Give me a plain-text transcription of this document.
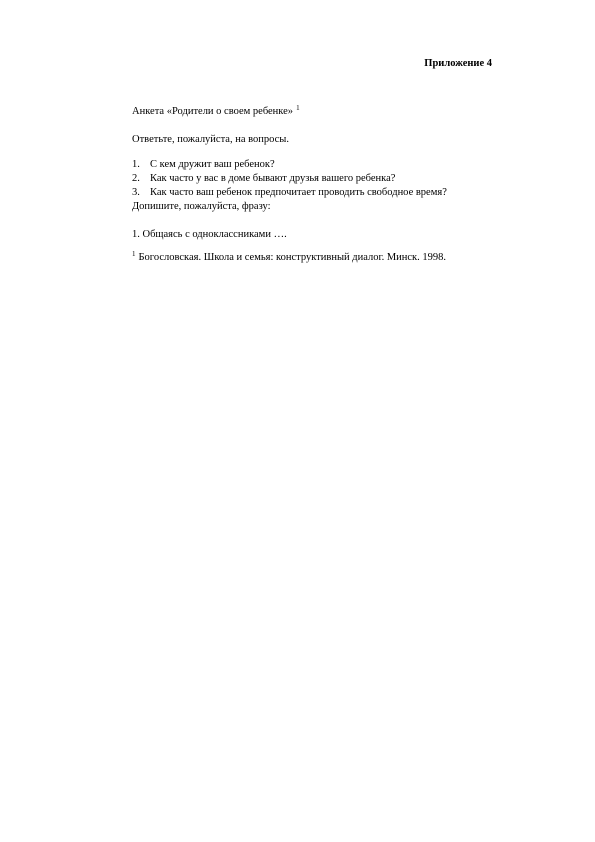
Приложение 4
Анкета «Родители о своем ребенке» $^1$
Ответьте, пожалуйста, на вопросы.
1. С кем дружит ваш ребенок?
2. Как часто у вас в доме бывают друзья вашего ребенка?
3. Как часто ваш ребенок предпочитает проводить свободное время?
Допишите, пожалуйста, фразу:
1. Общаясь с одноклассниками ….
$^1$ Богословская. Школа и семья: конструктивный диалог. Минск. 1998.
